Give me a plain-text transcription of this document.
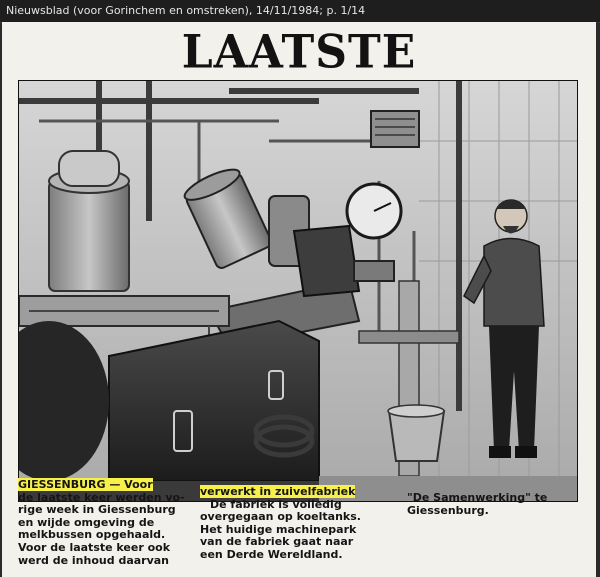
Nieuwsblad (voor Gorinchem en omstreken), 14/11/1984; p. 1/14
LAATSTE
GIESSENBURG — Voor
de laatste keer werden vo-
rige week in Giessenburg
en wijde omgeving de
melkbussen opgehaald.
Voor de laatste keer ook
werd de inhoud daarvan
verwerkt in zuivelfabriek
De fabriek is volledig
overgegaan op koeltanks.
Het huidige machinepark
van de fabriek gaat naar
een Derde Wereldland.
"De Samenwerking" te
Giessenburg.
